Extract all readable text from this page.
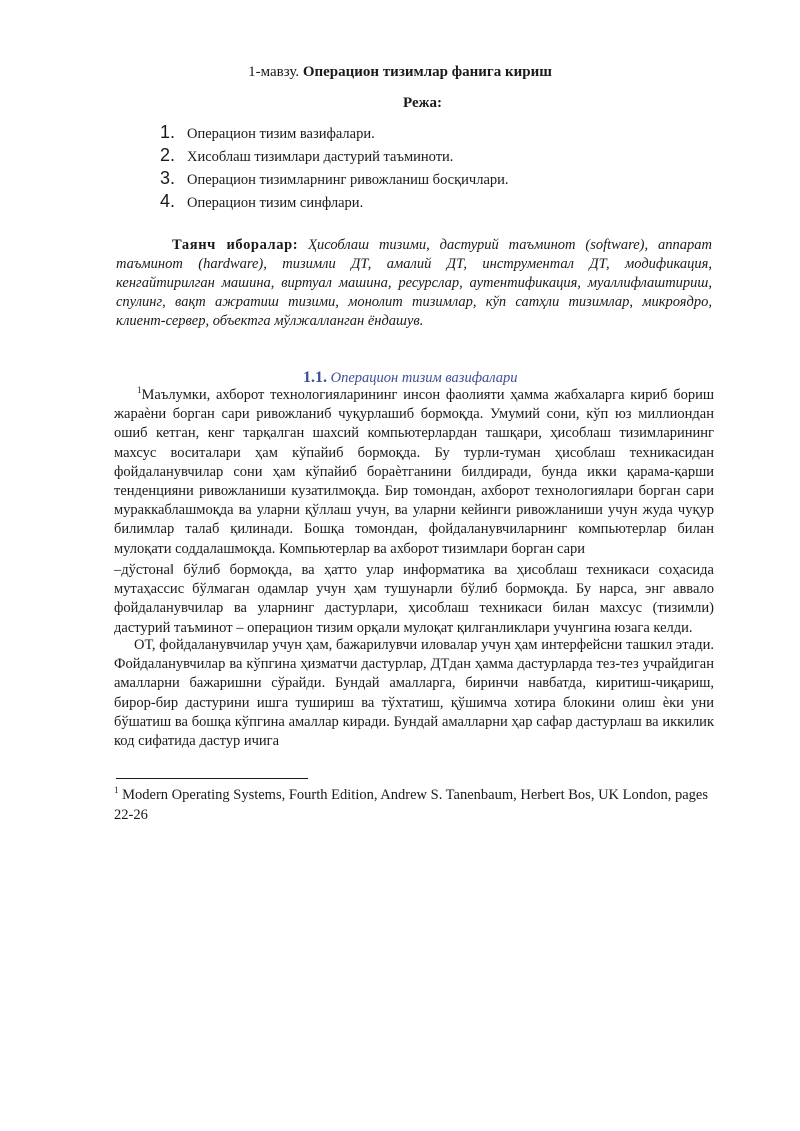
1-мавзу. Операцион тизимлар фанига кириш
Режа:
1. Операцион тизим вазифалари.
2. Хисоблаш тизимлари дастурий таъминоти.
3. Операцион тизимларнинг ривожланиш босқичлари.
4. Операцион тизим синфлари.
Таянч иборалар: Ҳисоблаш тизими, дастурий таъминот (software), аппарат таъминот (hardware), тизимли ДТ, амалий ДТ, инструментал ДТ, модификация, кенгайтирилган машина, виртуал машина, ресурслар, аутентификация, муаллифлаштириш, спулинг, вақт ажратиш тизими, монолит тизимлар, кўп сатҳли тизимлар, микроядро, клиент-сервер, объектга мўлжалланган ёндашув.
1.1. Операцион тизим вазифалари
$^1$Маълумки, ахборот технологияларининг инсон фаолияти ҳамма жабхаларга кириб бориш жараѐни борган сари ривожланиб чуқурлашиб бормоқда. Умумий сони, кўп юз миллиондан ошиб кетган, кенг тарқалган шахсий компьютерлардан ташқари, ҳисоблаш тизимларининг махсус воситалари ҳам кўпайиб бормоқда. Бу турли-туман ҳисоблаш техникасидан фойдаланувчилар сони ҳам кўпайиб бораѐтганини билдиради, бунда икки қарама-қарши тенденцияни ривожланиши кузатилмоқда. Бир томондан, ахборот технологиялари борган сари мураккаблашмоқда ва уларни қўллаш учун, ва уларни кейинги ривожланиши учун жуда чуқур билимлар талаб қилинади. Бошқа томондан, фойдаланувчиларнинг компьютерлар билан мулоқати соддалашмоқда. Компьютерлар ва ахборот тизимлари борган сари
–дўстона‖ бўлиб бормоқда, ва ҳатто улар информатика ва ҳисоблаш техникаси соҳасида мутаҳассис бўлмаган одамлар учун ҳам тушунарли бўлиб бормоқда. Бу нарса, энг аввало фойдаланувчилар ва уларнинг дастурлари, ҳисоблаш техникаси билан махсус (тизимли) дастурий таъминот – операцион тизим орқали мулоқат қилганликлари учунгина юзага келди.
ОТ, фойдаланувчилар учун ҳам, бажарилувчи иловалар учун ҳам интерфейсни ташкил этади. Фойдаланувчилар ва кўпгина ҳизматчи дастурлар, ДТдан ҳамма дастурларда тез-тез учрайдиган амалларни бажаришни сўрайди. Бундай амалларга, биринчи навбатда, киритиш-чиқариш, бирор-бир дастурини ишга тушириш ва тўхтатиш, қўшимча хотира блокини олиш ѐки уни бўшатиш ва бошқа кўпгина амаллар киради. Бундай амалларни ҳар сафар дастурлаш ва иккилик код сифатида дастур ичига
$^1$ Modern Operating Systems, Fourth Edition, Andrew S. Tanenbaum, Herbert Bos, UK London, pages 22-26
